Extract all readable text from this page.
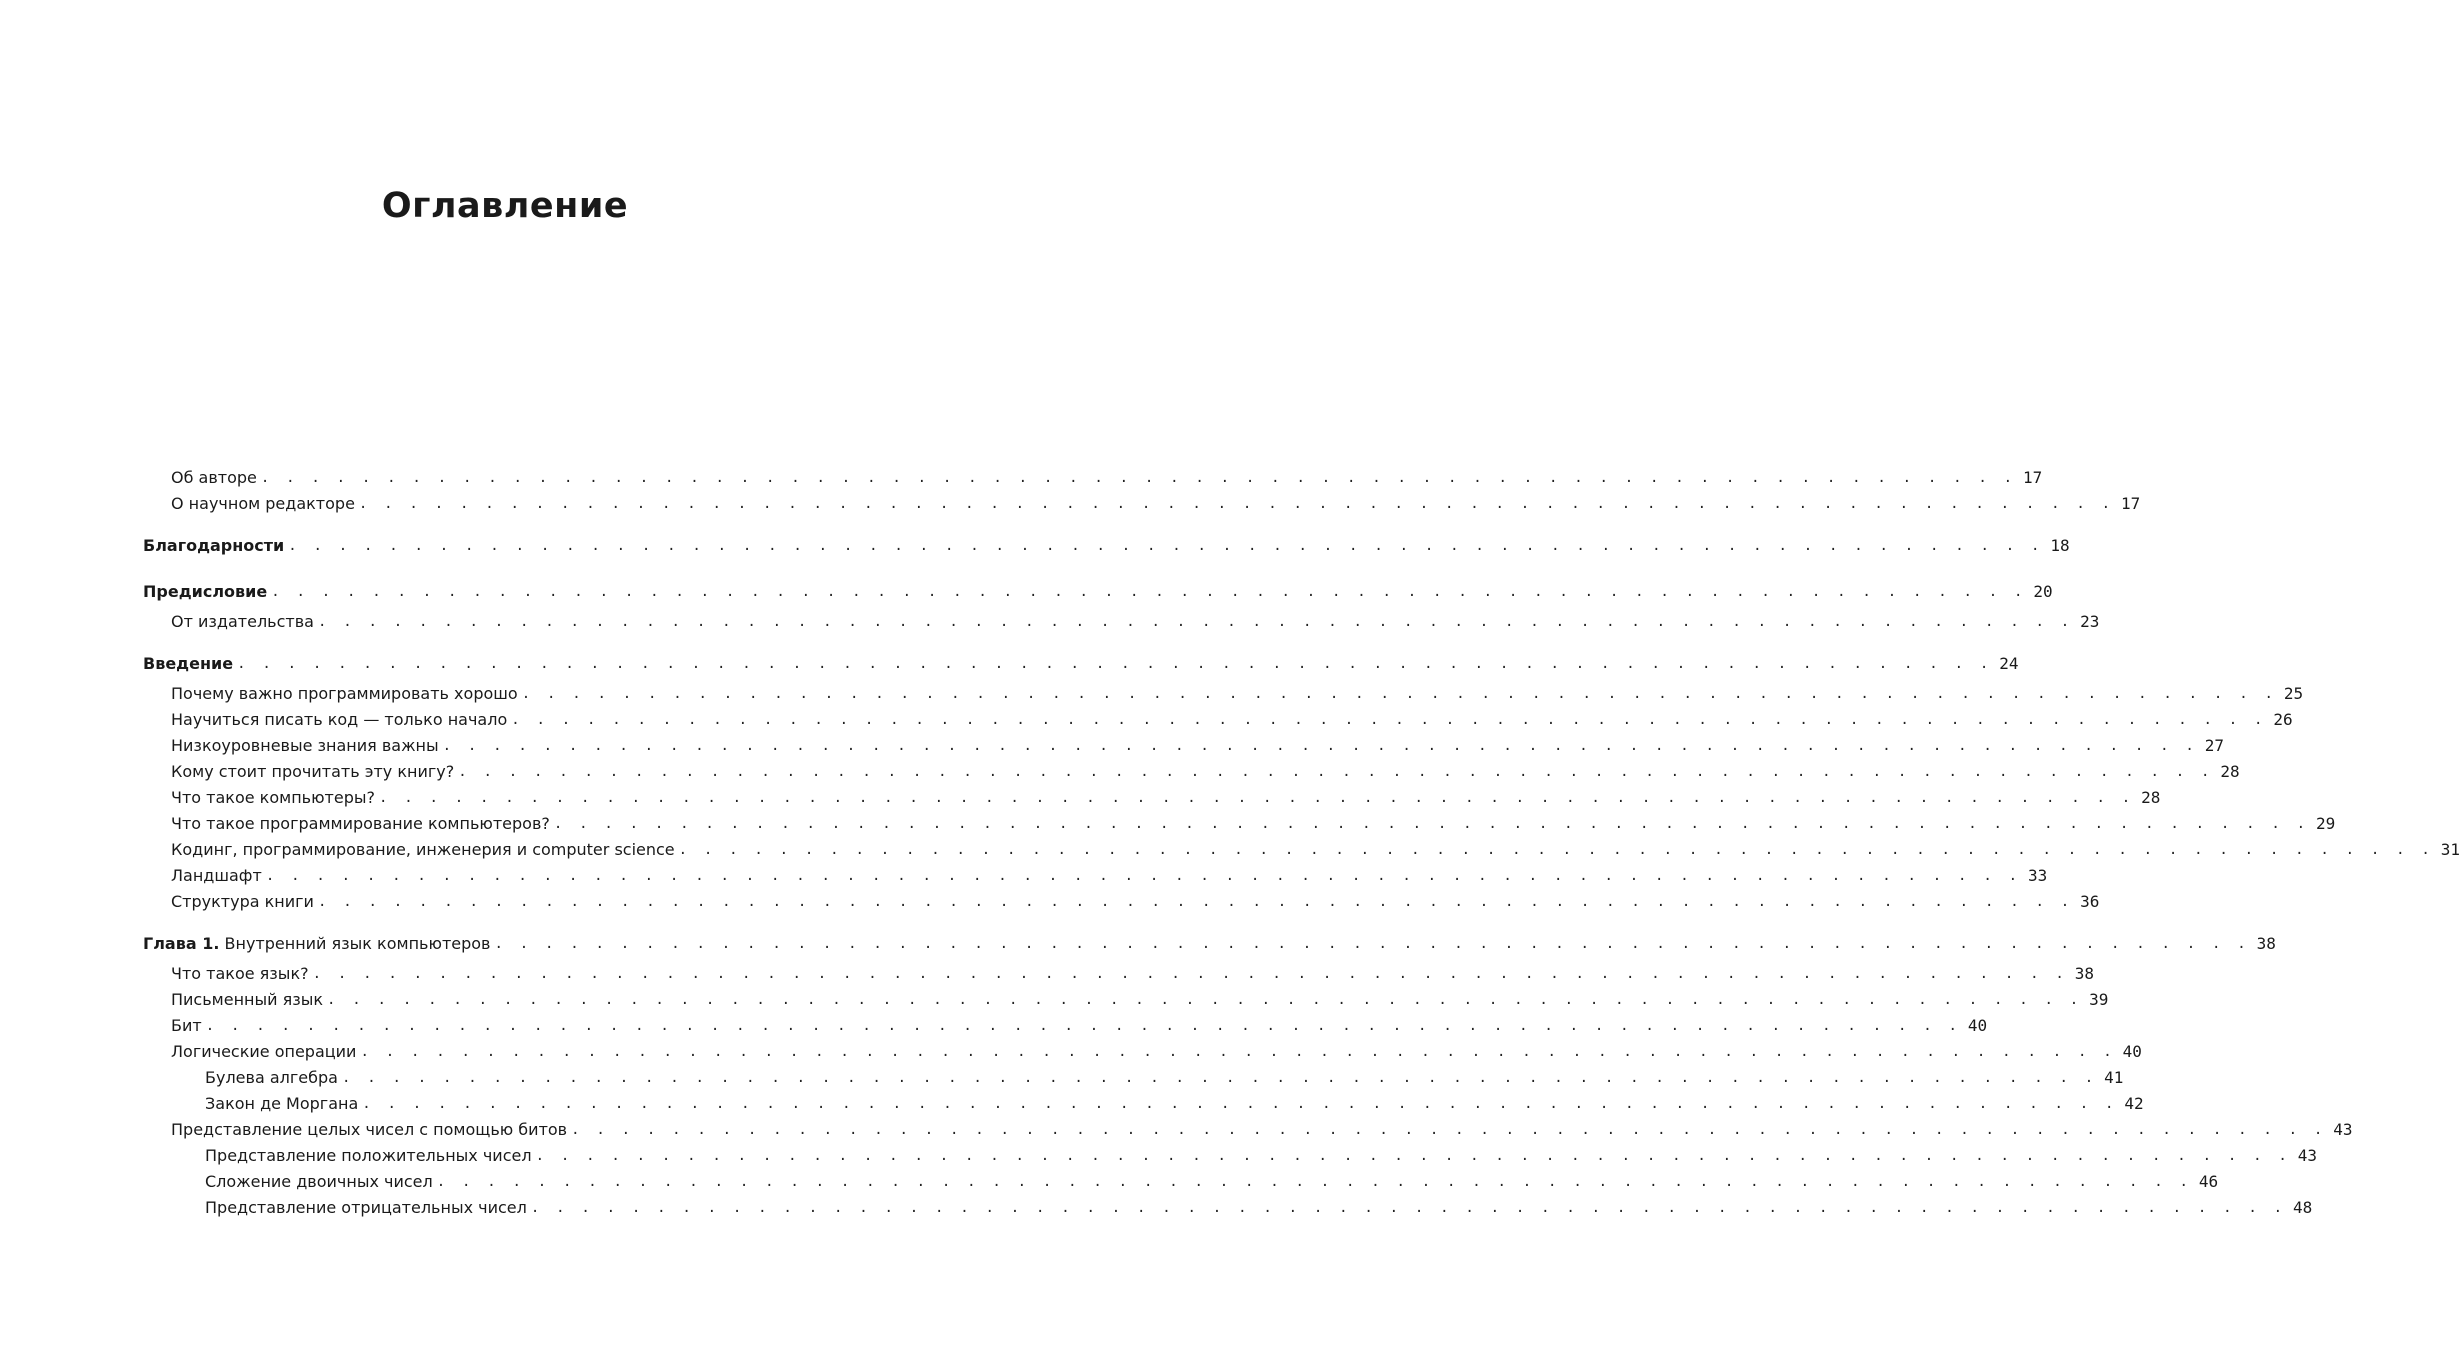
Оглавление
Об авторе . . . . . . . . . . . . . . . . . . . . . . . . . . . . . . . . . . . . . . . . . . . . . . . . . . . . . . . . . . . . . . . . . . . . . . 17
О научном редакторе . . . . . . . . . . . . . . . . . . . . . . . . . . . . . . . . . . . . . . . . . . . . . . . . . . . . . . . . . . . . . . . . . . . . . . 17
Благодарности . . . . . . . . . . . . . . . . . . . . . . . . . . . . . . . . . . . . . . . . . . . . . . . . . . . . . . . . . . . . . . . . . . . . . . 18
Предисловие . . . . . . . . . . . . . . . . . . . . . . . . . . . . . . . . . . . . . . . . . . . . . . . . . . . . . . . . . . . . . . . . . . . . . . 20
От издательства . . . . . . . . . . . . . . . . . . . . . . . . . . . . . . . . . . . . . . . . . . . . . . . . . . . . . . . . . . . . . . . . . . . . . . 23
Введение . . . . . . . . . . . . . . . . . . . . . . . . . . . . . . . . . . . . . . . . . . . . . . . . . . . . . . . . . . . . . . . . . . . . . . 24
Почему важно программировать хорошо . . . . . . . . . . . . . . . . . . . . . . . . . . . . . . . . . . . . . . . . . . . . . . . . . . . . . . . . . . . . . . . . . . . . . . 25
Научиться писать код — только начало . . . . . . . . . . . . . . . . . . . . . . . . . . . . . . . . . . . . . . . . . . . . . . . . . . . . . . . . . . . . . . . . . . . . . . 26
Низкоуровневые знания важны . . . . . . . . . . . . . . . . . . . . . . . . . . . . . . . . . . . . . . . . . . . . . . . . . . . . . . . . . . . . . . . . . . . . . . 27
Кому стоит прочитать эту книгу? . . . . . . . . . . . . . . . . . . . . . . . . . . . . . . . . . . . . . . . . . . . . . . . . . . . . . . . . . . . . . . . . . . . . . . 28
Что такое компьютеры? . . . . . . . . . . . . . . . . . . . . . . . . . . . . . . . . . . . . . . . . . . . . . . . . . . . . . . . . . . . . . . . . . . . . . . 28
Что такое программирование компьютеров? . . . . . . . . . . . . . . . . . . . . . . . . . . . . . . . . . . . . . . . . . . . . . . . . . . . . . . . . . . . . . . . . . . . . . . 29
Кодинг, программирование, инженерия и computer science . . . . . . . . . . . . . . . . . . . . . . . . . . . . . . . . . . . . . . . . . . . . . . . . . . . . . . . . . . . . . . . . . . . . . . 31
Ландшафт . . . . . . . . . . . . . . . . . . . . . . . . . . . . . . . . . . . . . . . . . . . . . . . . . . . . . . . . . . . . . . . . . . . . . . 33
Структура книги . . . . . . . . . . . . . . . . . . . . . . . . . . . . . . . . . . . . . . . . . . . . . . . . . . . . . . . . . . . . . . . . . . . . . . 36
Глава 1. Внутренний язык компьютеров . . . . . . . . . . . . . . . . . . . . . . . . . . . . . . . . . . . . . . . . . . . . . . . . . . . . . . . . . . . . . . . . . . . . . . 38
Что такое язык? . . . . . . . . . . . . . . . . . . . . . . . . . . . . . . . . . . . . . . . . . . . . . . . . . . . . . . . . . . . . . . . . . . . . . . 38
Письменный язык . . . . . . . . . . . . . . . . . . . . . . . . . . . . . . . . . . . . . . . . . . . . . . . . . . . . . . . . . . . . . . . . . . . . . . 39
Бит . . . . . . . . . . . . . . . . . . . . . . . . . . . . . . . . . . . . . . . . . . . . . . . . . . . . . . . . . . . . . . . . . . . . . . 40
Логические операции . . . . . . . . . . . . . . . . . . . . . . . . . . . . . . . . . . . . . . . . . . . . . . . . . . . . . . . . . . . . . . . . . . . . . . 40
Булева алгебра . . . . . . . . . . . . . . . . . . . . . . . . . . . . . . . . . . . . . . . . . . . . . . . . . . . . . . . . . . . . . . . . . . . . . . 41
Закон де Моргана . . . . . . . . . . . . . . . . . . . . . . . . . . . . . . . . . . . . . . . . . . . . . . . . . . . . . . . . . . . . . . . . . . . . . . 42
Представление целых чисел с помощью битов . . . . . . . . . . . . . . . . . . . . . . . . . . . . . . . . . . . . . . . . . . . . . . . . . . . . . . . . . . . . . . . . . . . . . . 43
Представление положительных чисел . . . . . . . . . . . . . . . . . . . . . . . . . . . . . . . . . . . . . . . . . . . . . . . . . . . . . . . . . . . . . . . . . . . . . . 43
Сложение двоичных чисел . . . . . . . . . . . . . . . . . . . . . . . . . . . . . . . . . . . . . . . . . . . . . . . . . . . . . . . . . . . . . . . . . . . . . . 46
Представление отрицательных чисел . . . . . . . . . . . . . . . . . . . . . . . . . . . . . . . . . . . . . . . . . . . . . . . . . . . . . . . . . . . . . . . . . . . . . . 48
